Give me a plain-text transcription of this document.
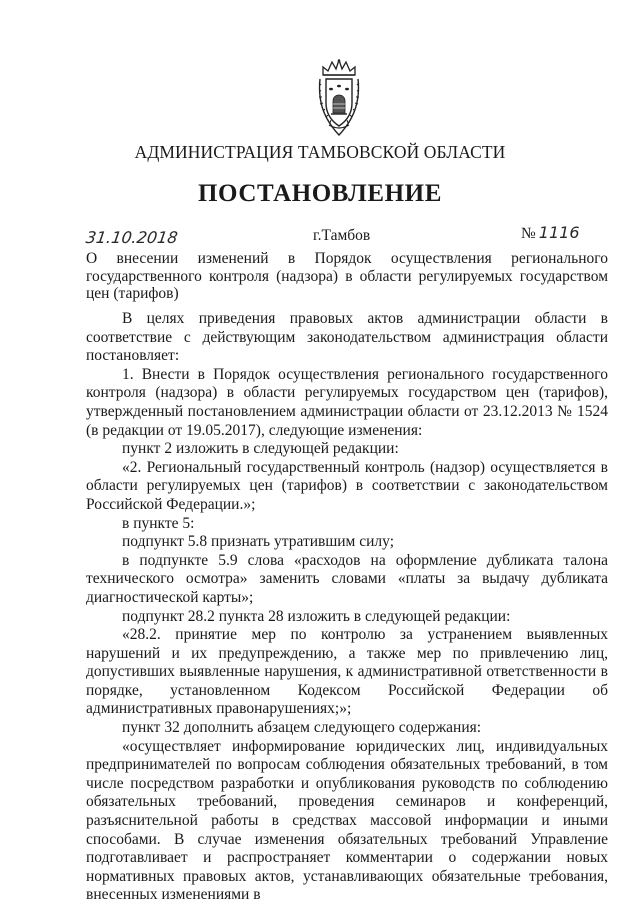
АДМИНИСТРАЦИЯ ТАМБОВСКОЙ ОБЛАСТИ
ПОСТАНОВЛЕНИЕ
31.10.2018	г.Тамбов	№ 1116
О внесении изменений в Порядок осуществления регионального государственного контроля (надзора) в области регулируемых государством цен (тарифов)

В целях приведения правовых актов администрации области в соответствие с действующим законодательством администрация области постановляет:

1. Внести в Порядок осуществления регионального государственного контроля (надзора) в области регулируемых государством цен (тарифов), утвержденный постановлением администрации области от 23.12.2013 № 1524 (в редакции от 19.05.2017), следующие изменения:

пункт 2 изложить в следующей редакции:

«2. Региональный государственный контроль (надзор) осуществляется в области регулируемых цен (тарифов) в соответствии с законодательством Российской Федерации.»;

в пункте 5:

подпункт 5.8 признать утратившим силу;

в подпункте 5.9 слова «расходов на оформление дубликата талона технического осмотра» заменить словами «платы за выдачу дубликата диагностической карты»;

подпункт 28.2 пункта 28 изложить в следующей редакции:

«28.2. принятие мер по контролю за устранением выявленных нарушений и их предупреждению, а также мер по привлечению лиц, допустивших выявленные нарушения, к административной ответственности в порядке, установленном Кодексом Российской Федерации об административных правонарушениях;»;

пункт 32 дополнить абзацем следующего содержания:

«осуществляет информирование юридических лиц, индивидуальных предпринимателей по вопросам соблюдения обязательных требований, в том числе посредством разработки и опубликования руководств по соблюдению обязательных требований, проведения семинаров и конференций, разъяснительной работы в средствах массовой информации и иными способами. В случае изменения обязательных требований Управление подготавливает и распространяет комментарии о содержании новых нормативных правовых актов, устанавливающих обязательные требования, внесенных изменениями в
